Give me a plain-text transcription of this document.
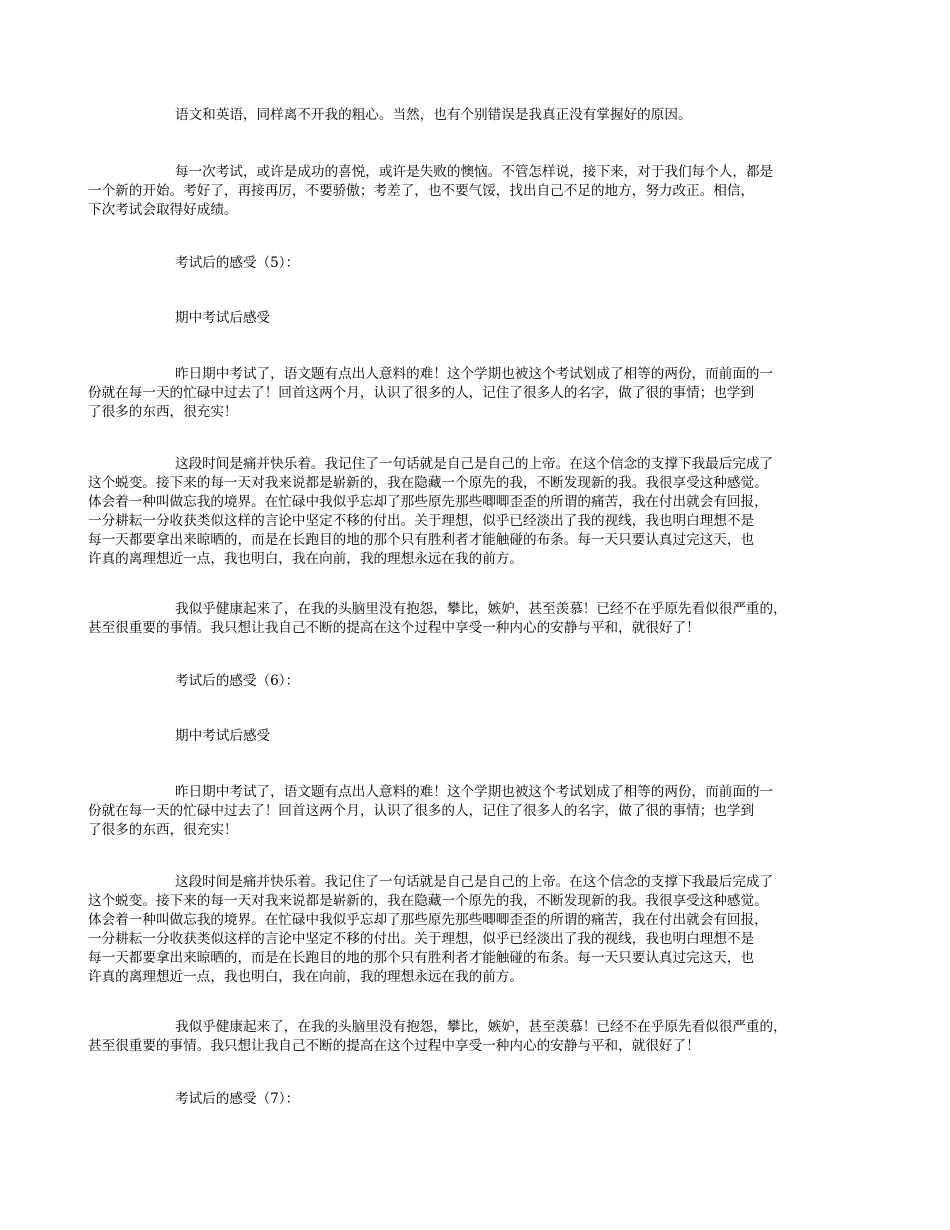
语文和英语，同样离不开我的粗心。当然，也有个别错误是我真正没有掌握好的原因。
每一次考试，或许是成功的喜悦，或许是失败的懊恼。不管怎样说，接下来，对于我们每个人，都是
一个新的开始。考好了，再接再厉，不要骄傲；考差了，也不要气馁，找出自己不足的地方，努力改正。相信，
下次考试会取得好成绩。
考试后的感受（5）：
期中考试后感受
昨日期中考试了，语文题有点出人意料的难！这个学期也被这个考试划成了相等的两份，而前面的一
份就在每一天的忙碌中过去了！回首这两个月，认识了很多的人，记住了很多人的名字，做了很的事情；也学到
了很多的东西，很充实！
这段时间是痛并快乐着。我记住了一句话就是自己是自己的上帝。在这个信念的支撑下我最后完成了
这个蜕变。接下来的每一天对我来说都是崭新的，我在隐藏一个原先的我，不断发现新的我。我很享受这种感觉。
体会着一种叫做忘我的境界。在忙碌中我似乎忘却了那些原先那些唧唧歪歪的所谓的痛苦，我在付出就会有回报，
一分耕耘一分收获类似这样的言论中坚定不移的付出。关于理想，似乎已经淡出了我的视线，我也明白理想不是
每一天都要拿出来晾晒的，而是在长跑目的地的那个只有胜利者才能触碰的布条。每一天只要认真过完这天，也
许真的离理想近一点，我也明白，我在向前，我的理想永远在我的前方。
我似乎健康起来了，在我的头脑里没有抱怨，攀比，嫉妒，甚至羡慕！已经不在乎原先看似很严重的，
甚至很重要的事情。我只想让我自己不断的提高在这个过程中享受一种内心的安静与平和，就很好了！
考试后的感受（6）：
期中考试后感受
昨日期中考试了，语文题有点出人意料的难！这个学期也被这个考试划成了相等的两份，而前面的一
份就在每一天的忙碌中过去了！回首这两个月，认识了很多的人，记住了很多人的名字，做了很的事情；也学到
了很多的东西，很充实！
这段时间是痛并快乐着。我记住了一句话就是自己是自己的上帝。在这个信念的支撑下我最后完成了
这个蜕变。接下来的每一天对我来说都是崭新的，我在隐藏一个原先的我，不断发现新的我。我很享受这种感觉。
体会着一种叫做忘我的境界。在忙碌中我似乎忘却了那些原先那些唧唧歪歪的所谓的痛苦，我在付出就会有回报，
一分耕耘一分收获类似这样的言论中坚定不移的付出。关于理想，似乎已经淡出了我的视线，我也明白理想不是
每一天都要拿出来晾晒的，而是在长跑目的地的那个只有胜利者才能触碰的布条。每一天只要认真过完这天，也
许真的离理想近一点，我也明白，我在向前，我的理想永远在我的前方。
我似乎健康起来了，在我的头脑里没有抱怨，攀比，嫉妒，甚至羡慕！已经不在乎原先看似很严重的，
甚至很重要的事情。我只想让我自己不断的提高在这个过程中享受一种内心的安静与平和，就很好了！
考试后的感受（7）：
